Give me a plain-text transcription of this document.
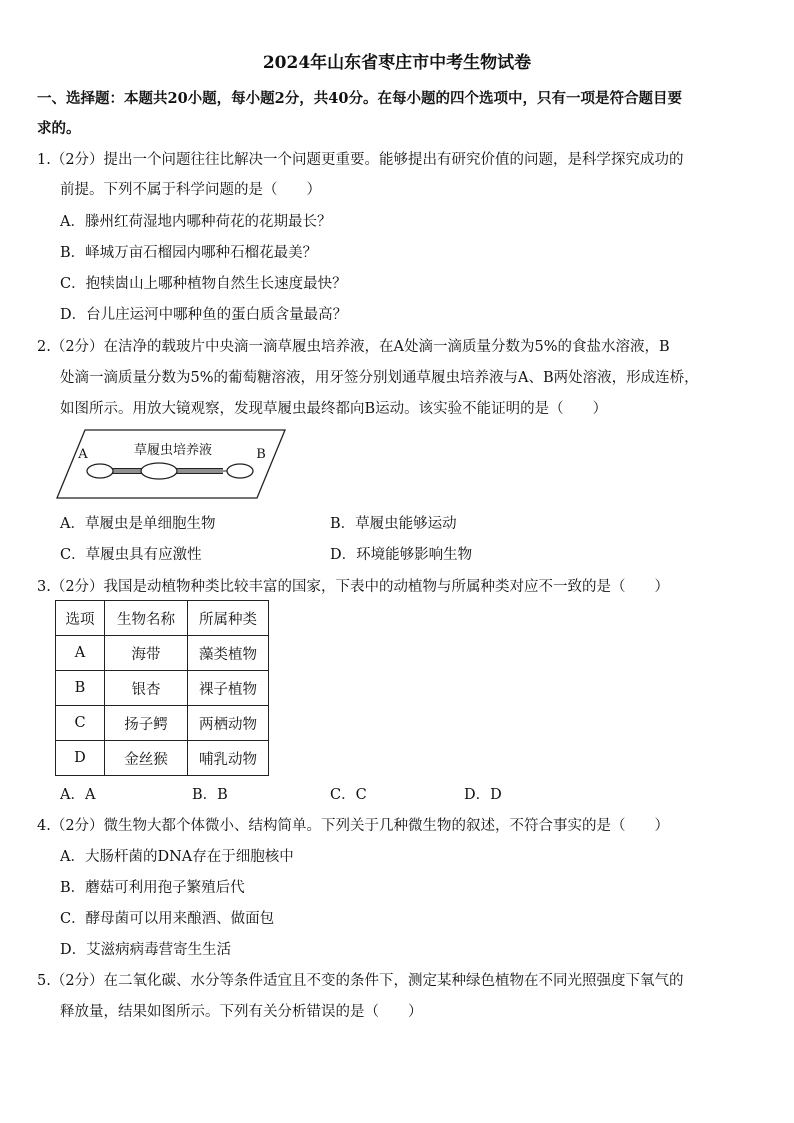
2024年山东省枣庄市中考生物试卷
一、选择题：本题共20小题，每小题2分，共40分。在每小题的四个选项中，只有一项是符合题目要
求的。
1.（2分）提出一个问题往往比解决一个问题更重要。能够提出有研究价值的问题，是科学探究成功的
前提。下列不属于科学问题的是（　　）
A．滕州红荷湿地内哪种荷花的花期最长？
B．峄城万亩石榴园内哪种石榴花最美？
C．抱犊崮山上哪种植物自然生长速度最快？
D．台儿庄运河中哪种鱼的蛋白质含量最高？
2.（2分）在洁净的载玻片中央滴一滴草履虫培养液，在A处滴一滴质量分数为5%的食盐水溶液，B
处滴一滴质量分数为5%的葡萄糖溶液，用牙签分别划通草履虫培养液与A、B两处溶液，形成连桥，
如图所示。用放大镜观察，发现草履虫最终都向B运动。该实验不能证明的是（　　）
草履虫培养液
A	B
A．草履虫是单细胞生物	B．草履虫能够运动
C．草履虫具有应激性	D．环境能够影响生物
3.（2分）我国是动植物种类比较丰富的国家，下表中的动植物与所属种类对应不一致的是（　　）
选项	生物名称	所属种类
A	海带	藻类植物
B	银杏	裸子植物
C	扬子鳄	两栖动物
D	金丝猴	哺乳动物
A．A	B．B	C．C	D．D
4.（2分）微生物大都个体微小、结构简单。下列关于几种微生物的叙述，不符合事实的是（　　）
A．大肠杆菌的DNA存在于细胞核中
B．蘑菇可利用孢子繁殖后代
C．酵母菌可以用来酿酒、做面包
D．艾滋病病毒营寄生生活
5.（2分）在二氧化碳、水分等条件适宜且不变的条件下，测定某种绿色植物在不同光照强度下氧气的
释放量，结果如图所示。下列有关分析错误的是（　　）
